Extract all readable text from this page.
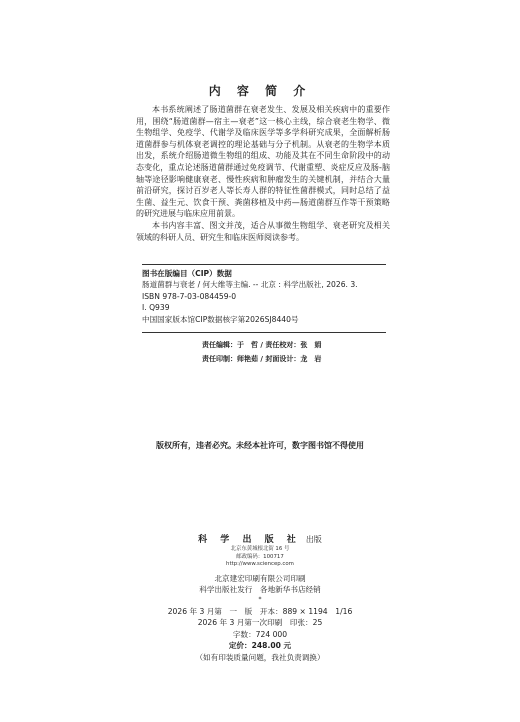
内 容 简 介

本书系统阐述了肠道菌群在衰老发生、发展及相关疾病中的重要作用，围绕“肠道菌群—宿主—衰老”这一核心主线，综合衰老生物学、微生物组学、免疫学、代谢学及临床医学等多学科研究成果，全面解析肠道菌群参与机体衰老调控的理论基础与分子机制。从衰老的生物学本质出发，系统介绍肠道微生物组的组成、功能及其在不同生命阶段中的动态变化，重点论述肠道菌群通过免疫调节、代谢重塑、炎症反应及肠-脑轴等途径影响健康衰老、慢性疾病和肿瘤发生的关键机制，并结合大量前沿研究，探讨百岁老人等长寿人群的特征性菌群模式，同时总结了益生菌、益生元、饮食干预、粪菌移植及中药—肠道菌群互作等干预策略的研究进展与临床应用前景。

本书内容丰富、图文并茂，适合从事微生物组学、衰老研究及相关领域的科研人员、研究生和临床医师阅读参考。

图书在版编目（CIP）数据
肠道菌群与衰老 / 何大维等主编. -- 北京 : 科学出版社, 2026. 3.
ISBN 978-7-03-084459-0
Ⅰ. Q939
中国国家版本馆CIP数据核字第2026SJ8440号
责任编辑：于　哲 / 责任校对：张　娟
责任印制：师艳茹 / 封面设计：龙　岩
版权所有，违者必究。未经本社许可，数字图书馆不得使用
科 学 出 版 社 出版
北京东黄城根北街 16 号
邮政编码：100717
http://www.sciencep.com
北京建宏印刷有限公司印刷
科学出版社发行　各地新华书店经销
*
2026 年 3 月第　一　版　开本：889 × 1194　1/16
2026 年 3 月第一次印刷　印张：25
字数：724 000
定价：248.00 元
（如有印装质量问题，我社负责调换）
